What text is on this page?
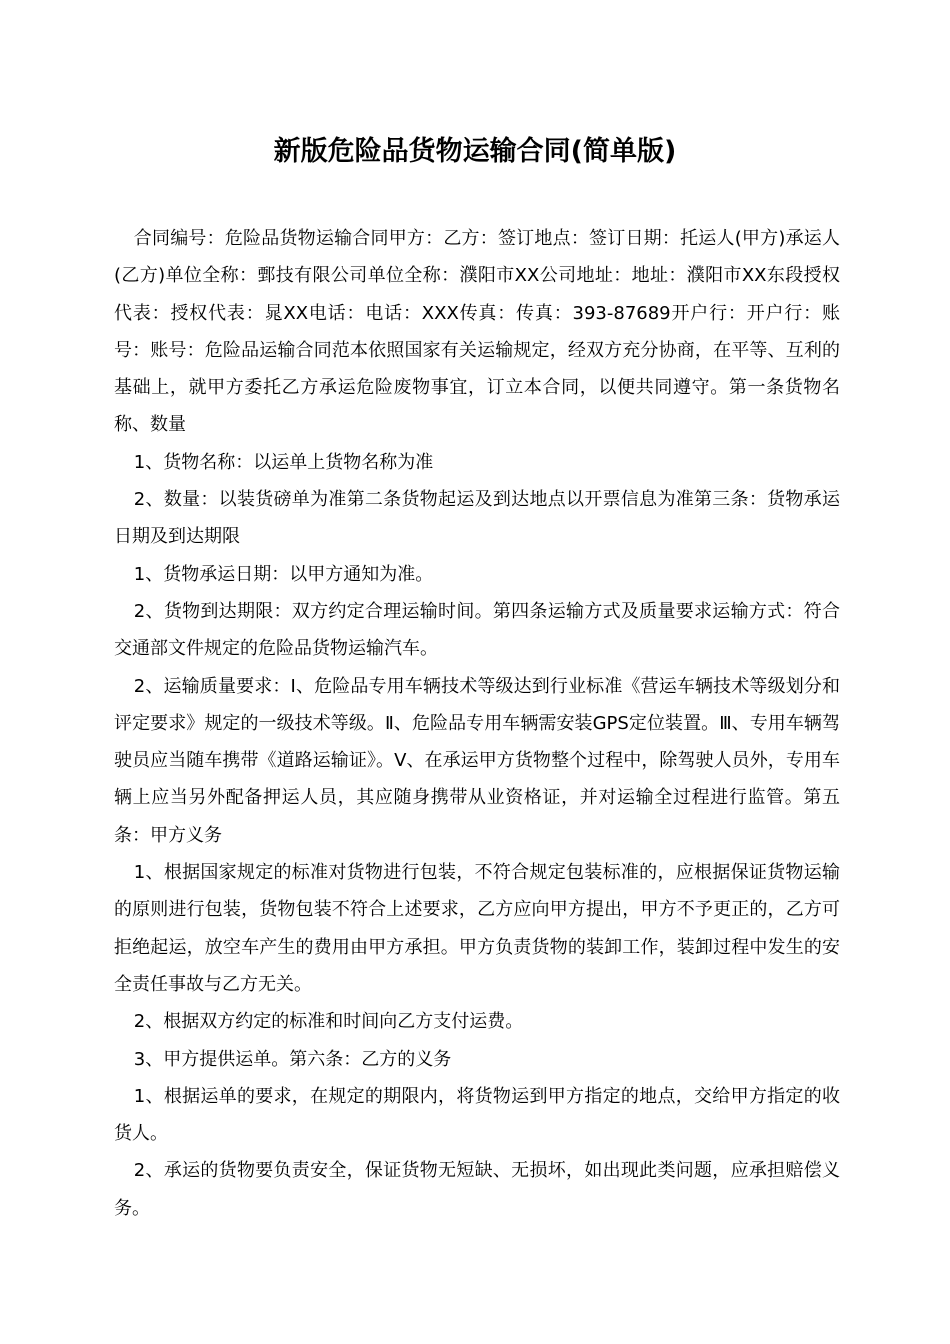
新版危险品货物运输合同(简单版)

合同编号：危险品货物运输合同甲方：乙方：签订地点：签订日期：托运人(甲方)承运人(乙方)单位全称：鄄技有限公司单位全称：濮阳市XX公司地址：地址：濮阳市XX东段授权代表：授权代表：晁XX电话：电话：XXX传真：传真：393-87689开户行：开户行：账号：账号：危险品运输合同范本依照国家有关运输规定，经双方充分协商，在平等、互利的基础上，就甲方委托乙方承运危险废物事宜，订立本合同，以便共同遵守。第一条货物名称、数量

1、货物名称：以运单上货物名称为准

2、数量：以装货磅单为准第二条货物起运及到达地点以开票信息为准第三条：货物承运日期及到达期限

1、货物承运日期：以甲方通知为准。

2、货物到达期限：双方约定合理运输时间。第四条运输方式及质量要求运输方式：符合交通部文件规定的危险品货物运输汽车。

2、运输质量要求：Ⅰ、危险品专用车辆技术等级达到行业标准《营运车辆技术等级划分和评定要求》规定的一级技术等级。Ⅱ、危险品专用车辆需安装GPS定位装置。Ⅲ、专用车辆驾驶员应当随车携带《道路运输证》。Ⅴ、在承运甲方货物整个过程中，除驾驶人员外，专用车辆上应当另外配备押运人员，其应随身携带从业资格证，并对运输全过程进行监管。第五条：甲方义务

1、根据国家规定的标准对货物进行包装，不符合规定包装标准的，应根据保证货物运输的原则进行包装，货物包装不符合上述要求，乙方应向甲方提出，甲方不予更正的，乙方可拒绝起运，放空车产生的费用由甲方承担。甲方负责货物的装卸工作，装卸过程中发生的安全责任事故与乙方无关。

2、根据双方约定的标准和时间向乙方支付运费。

3、甲方提供运单。第六条：乙方的义务

1、根据运单的要求，在规定的期限内，将货物运到甲方指定的地点，交给甲方指定的收货人。

2、承运的货物要负责安全，保证货物无短缺、无损坏，如出现此类问题，应承担赔偿义务。
